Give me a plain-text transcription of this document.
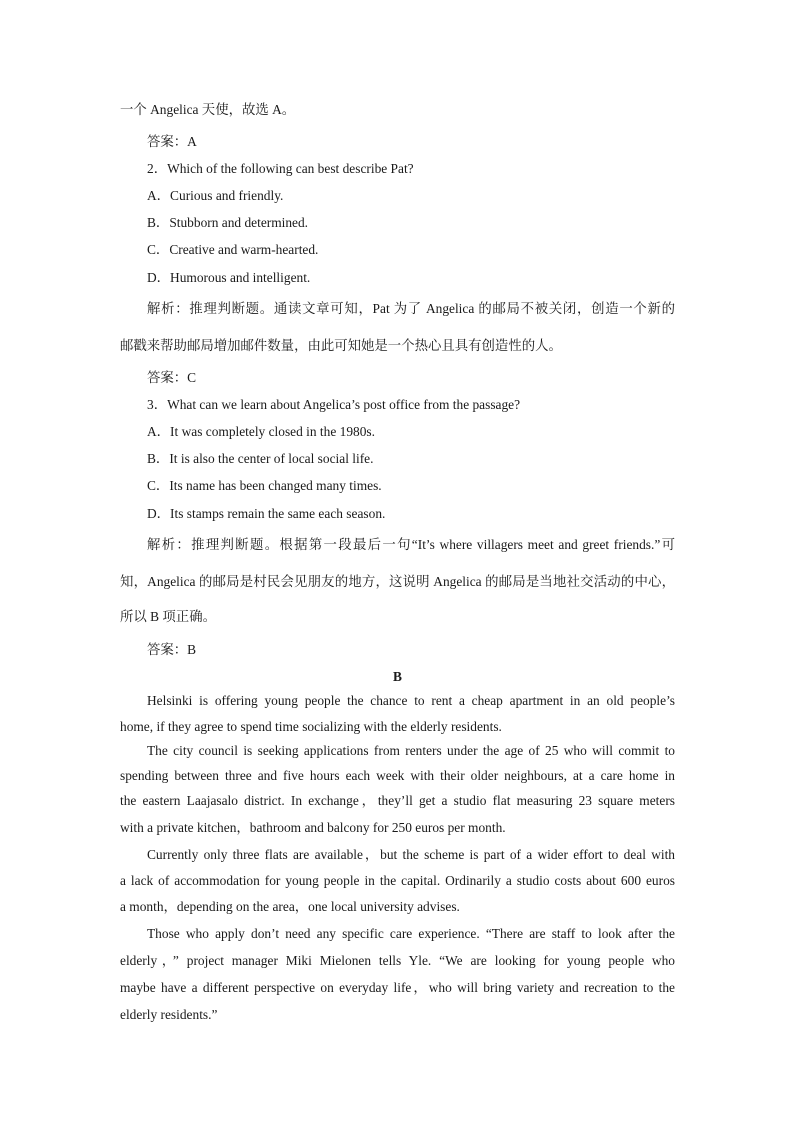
一个 Angelica 天使，故选 A。
答案：A
2．Which of the following can best describe Pat?
A．Curious and friendly.
B．Stubborn and determined.
C．Creative and warm-hearted.
D．Humorous and intelligent.
解析：推理判断题。通读文章可知，Pat 为了 Angelica 的邮局不被关闭，创造一个新的
邮戳来帮助邮局增加邮件数量，由此可知她是一个热心且具有创造性的人。
答案：C
3．What can we learn about Angelica’s post office from the passage?
A．It was completely closed in the 1980s.
B．It is also the center of local social life.
C．Its name has been changed many times.
D．Its stamps remain the same each season.
解析：推理判断题。根据第一段最后一句“It’s where villagers meet and greet friends.”可
知，Angelica 的邮局是村民会见朋友的地方，这说明 Angelica 的邮局是当地社交活动的中心，
所以 B 项正确。
答案：B
B
Helsinki is offering young people the chance to rent a cheap apartment in an old people’s
home, if they agree to spend time socializing with the elderly residents.
The city council is seeking applications from renters under the age of 25 who will commit to
spending between three and five hours each week with their older neighbours, at a care home in
the eastern Laajasalo district. In exchange，they’ll get a studio flat measuring 23 square meters
with a private kitchen，bathroom and balcony for 250 euros per month.
Currently only three flats are available，but the scheme is part of a wider effort to deal with
a lack of accommodation for young people in the capital. Ordinarily a studio costs about 600 euros
a month，depending on the area，one local university advises.
Those who apply don’t need any specific care experience. “There are staff to look after the
elderly，” project manager Miki Mielonen tells Yle. “We are looking for young people who
maybe have a different perspective on everyday life，who will bring variety and recreation to the
elderly residents.”
